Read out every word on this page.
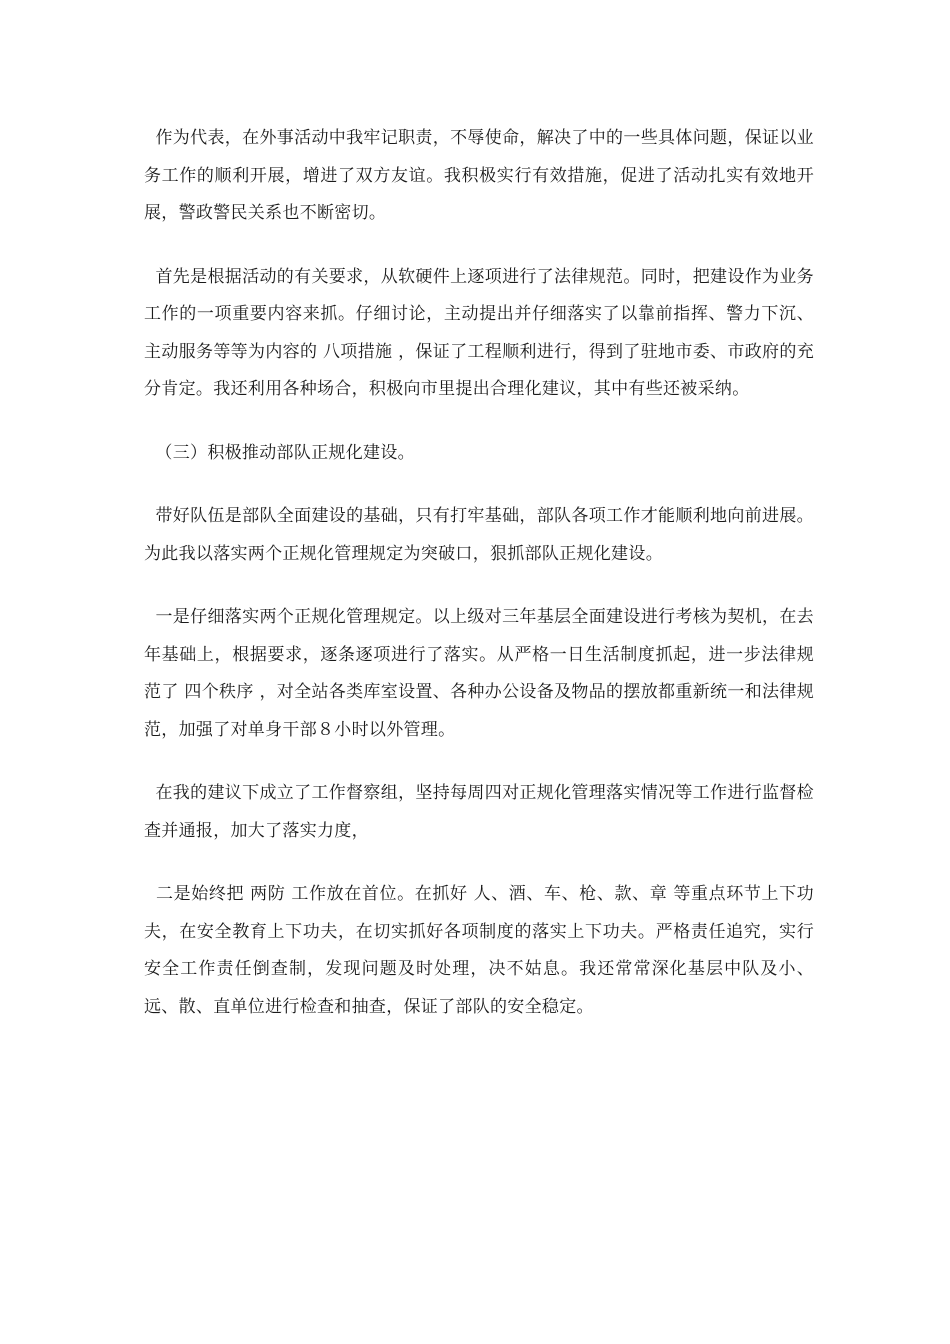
作为代表，在外事活动中我牢记职责，不辱使命，解决了中的一些具体问题，保证以业务工作的顺利开展，增进了双方友谊。我积极实行有效措施，促进了活动扎实有效地开展，警政警民关系也不断密切。

首先是根据活动的有关要求，从软硬件上逐项进行了法律规范。同时，把建设作为业务工作的一项重要内容来抓。仔细讨论，主动提出并仔细落实了以靠前指挥、警力下沉、主动服务等等为内容的 八项措施 ，保证了工程顺利进行，得到了驻地市委、市政府的充分肯定。我还利用各种场合，积极向市里提出合理化建议，其中有些还被采纳。

（三）积极推动部队正规化建设。

带好队伍是部队全面建设的基础，只有打牢基础，部队各项工作才能顺利地向前进展。为此我以落实两个正规化管理规定为突破口，狠抓部队正规化建设。

一是仔细落实两个正规化管理规定。以上级对三年基层全面建设进行考核为契机，在去年基础上，根据要求，逐条逐项进行了落实。从严格一日生活制度抓起，进一步法律规范了 四个秩序 ，对全站各类库室设置、各种办公设备及物品的摆放都重新统一和法律规范，加强了对单身干部８小时以外管理。

在我的建议下成立了工作督察组，坚持每周四对正规化管理落实情况等工作进行监督检查并通报，加大了落实力度，

二是始终把 两防 工作放在首位。在抓好 人、酒、车、枪、款、章 等重点环节上下功夫，在安全教育上下功夫，在切实抓好各项制度的落实上下功夫。严格责任追究，实行安全工作责任倒查制，发现问题及时处理，决不姑息。我还常常深化基层中队及小、远、散、直单位进行检查和抽查，保证了部队的安全稳定。
